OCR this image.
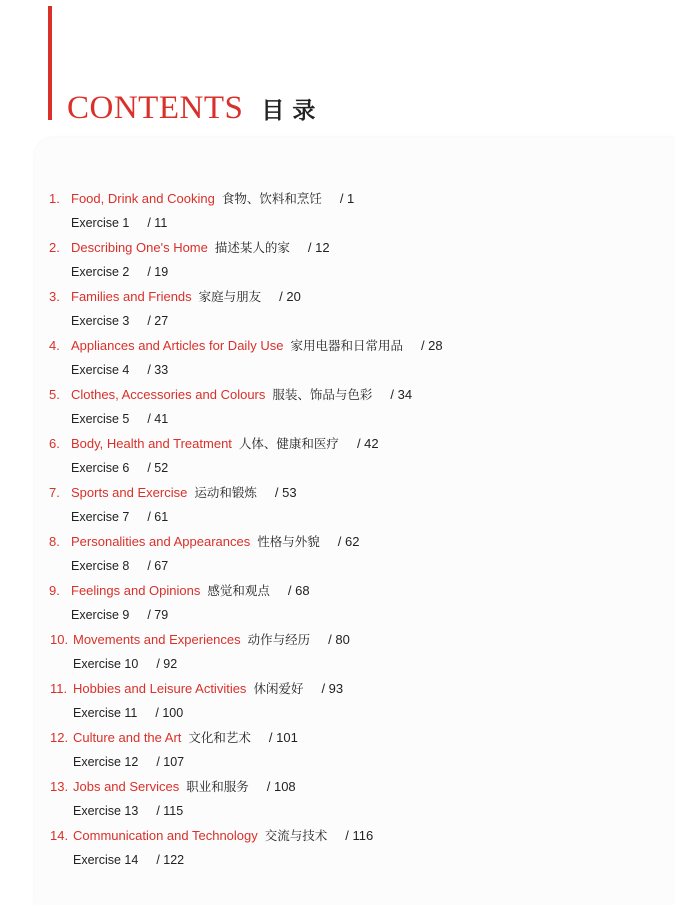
CONTENTS 目录
1. Food, Drink and Cooking 食物、饮料和烹饪 / 1
Exercise 1 / 11
2. Describing One's Home 描述某人的家 / 12
Exercise 2 / 19
3. Families and Friends 家庭与朋友 / 20
Exercise 3 / 27
4. Appliances and Articles for Daily Use 家用电器和日常用品 / 28
Exercise 4 / 33
5. Clothes, Accessories and Colours 服装、饰品与色彩 / 34
Exercise 5 / 41
6. Body, Health and Treatment 人体、健康和医疗 / 42
Exercise 6 / 52
7. Sports and Exercise 运动和锻炼 / 53
Exercise 7 / 61
8. Personalities and Appearances 性格与外貌 / 62
Exercise 8 / 67
9. Feelings and Opinions 感觉和观点 / 68
Exercise 9 / 79
10. Movements and Experiences 动作与经历 / 80
Exercise 10 / 92
11. Hobbies and Leisure Activities 休闲爱好 / 93
Exercise 11 / 100
12. Culture and the Art 文化和艺术 / 101
Exercise 12 / 107
13. Jobs and Services 职业和服务 / 108
Exercise 13 / 115
14. Communication and Technology 交流与技术 / 116
Exercise 14 / 122
